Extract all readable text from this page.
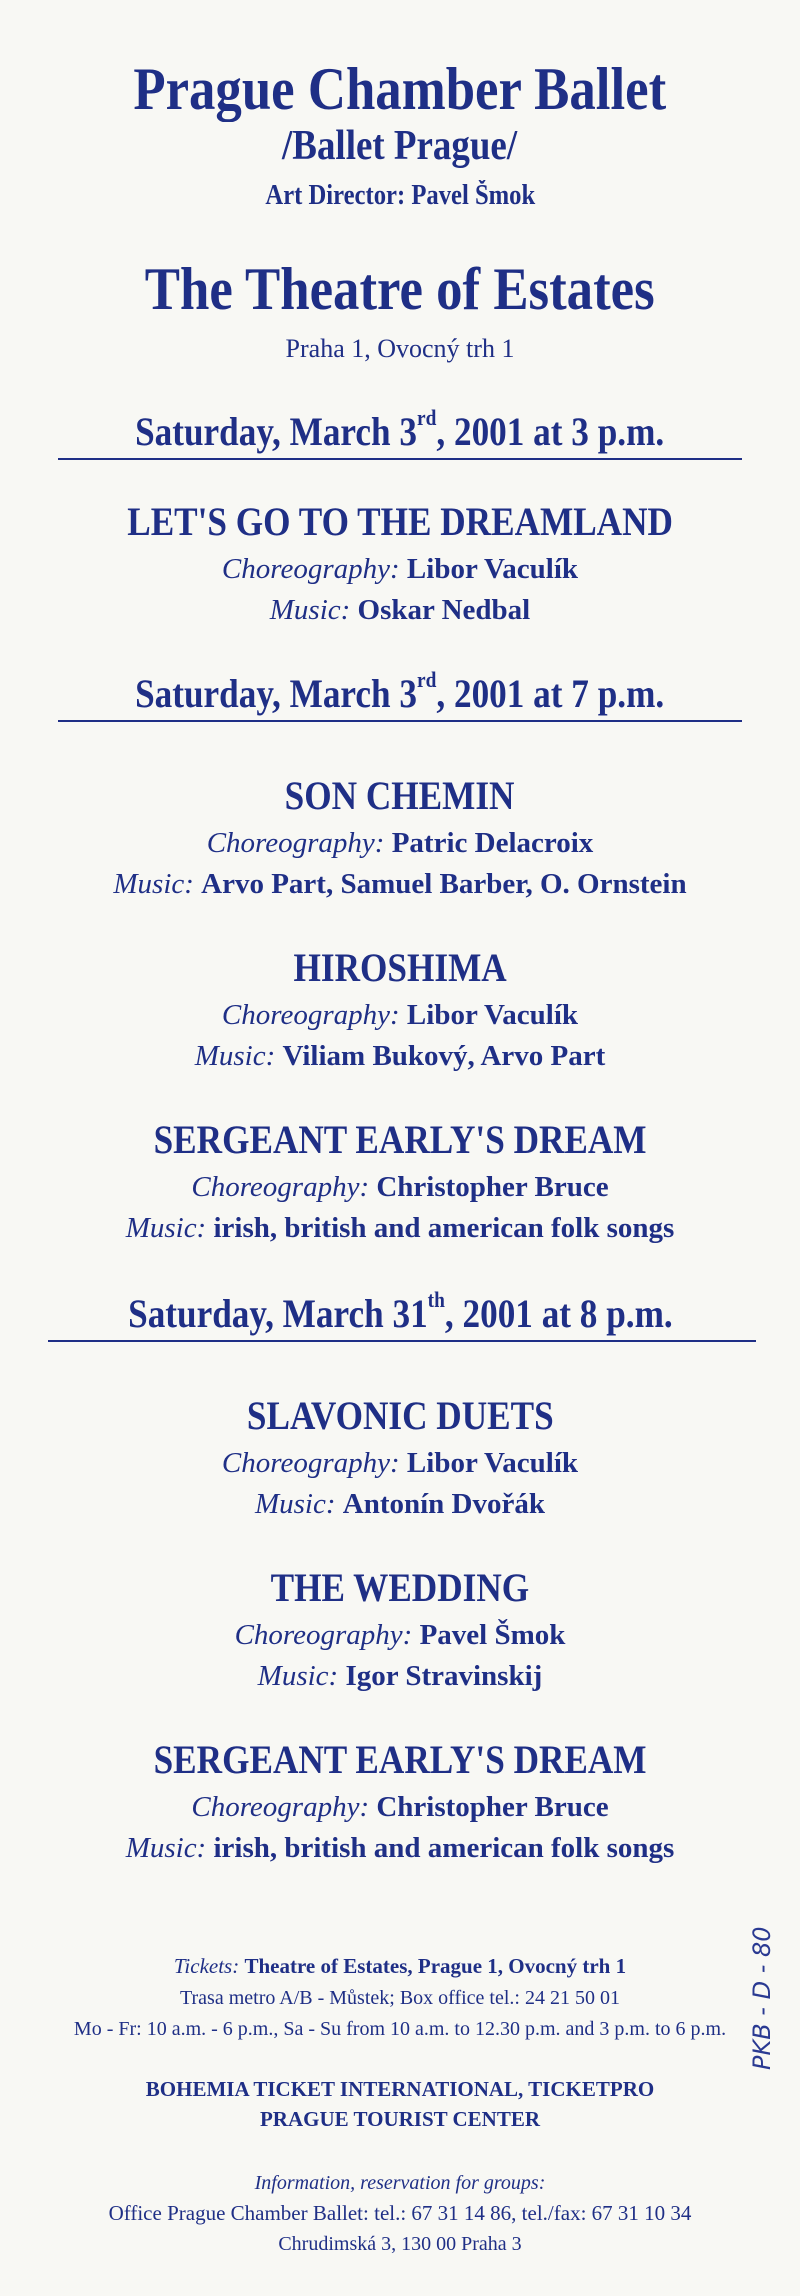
Prague Chamber Ballet
/Ballet Prague/
Art Director: Pavel Šmok
The Theatre of Estates
Praha 1, Ovocný trh 1
Saturday, March 3rd, 2001 at 3 p.m.
LET'S GO TO THE DREAMLAND
Choreography: Libor Vaculík
Music: Oskar Nedbal
Saturday, March 3rd, 2001 at 7 p.m.
SON CHEMIN
Choreography: Patric Delacroix
Music: Arvo Part, Samuel Barber, O. Ornstein
HIROSHIMA
Choreography: Libor Vaculík
Music: Viliam Bukový, Arvo Part
SERGEANT EARLY'S DREAM
Choreography: Christopher Bruce
Music: irish, british and american folk songs
Saturday, March 31th, 2001 at 8 p.m.
SLAVONIC DUETS
Choreography: Libor Vaculík
Music: Antonín Dvořák
THE WEDDING
Choreography: Pavel Šmok
Music: Igor Stravinskij
SERGEANT EARLY'S DREAM
Choreography: Christopher Bruce
Music: irish, british and american folk songs
Tickets: Theatre of Estates, Prague 1, Ovocný trh 1
Trasa metro A/B - Můstek; Box office tel.: 24 21 50 01
Mo - Fr: 10 a.m. - 6 p.m., Sa - Su from 10 a.m. to 12.30 p.m. and 3 p.m. to 6 p.m.
BOHEMIA TICKET INTERNATIONAL, TICKETPRO
PRAGUE TOURIST CENTER
Information, reservation for groups:
Office Prague Chamber Ballet: tel.: 67 31 14 86, tel./fax: 67 31 10 34
Chrudimská 3, 130 00 Praha 3
PKB - D - 80
